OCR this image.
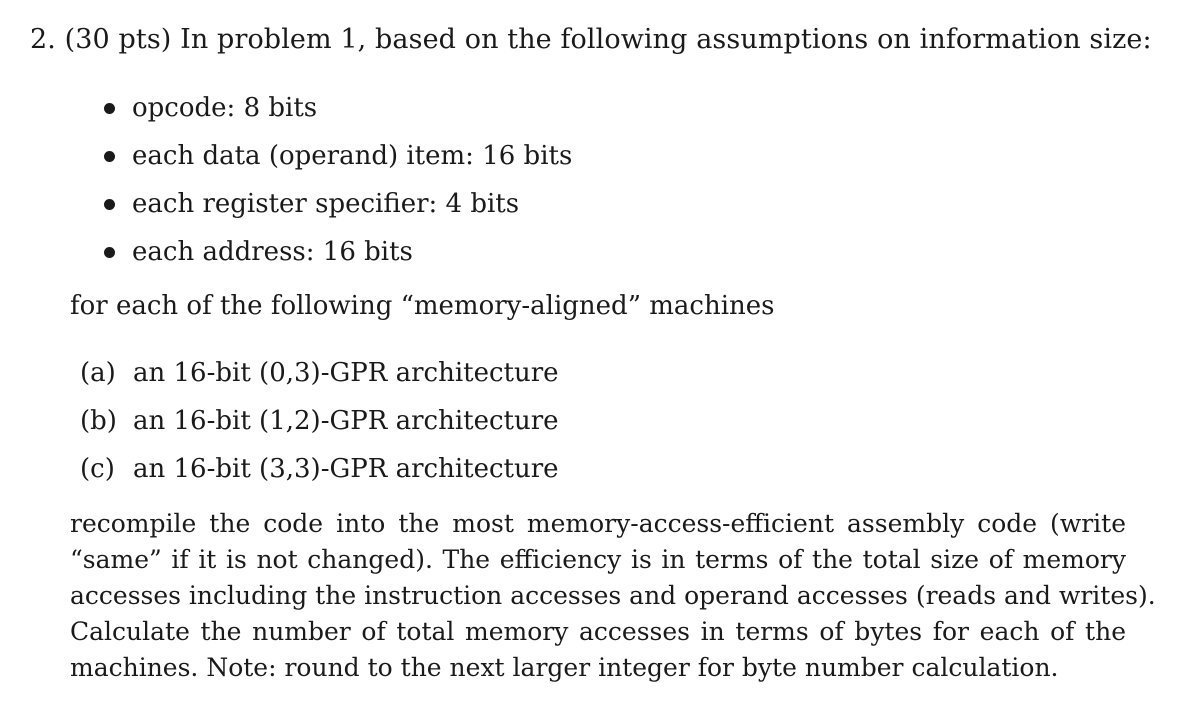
2. (30 pts) In problem 1, based on the following assumptions on information size:
opcode: 8 bits
each data (operand) item: 16 bits
each register specifier: 4 bits
each address: 16 bits
for each of the following “memory-aligned” machines
(a) an 16-bit (0,3)-GPR architecture
(b) an 16-bit (1,2)-GPR architecture
(c) an 16-bit (3,3)-GPR architecture
recompile the code into the most memory-access-efficient assembly code (write
“same” if it is not changed). The efficiency is in terms of the total size of memory
accesses including the instruction accesses and operand accesses (reads and writes).
Calculate the number of total memory accesses in terms of bytes for each of the
machines. Note: round to the next larger integer for byte number calculation.
